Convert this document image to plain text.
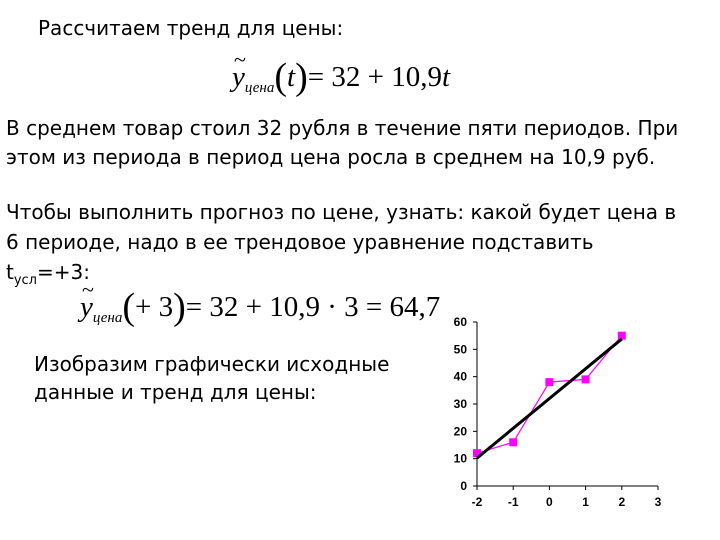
Рассчитаем тренд для цены:
~ $y_{цена}(t)= 32 + 10,9t$
В среднем товар стоил 32 рубля в течение пяти периодов. При
этом из периода в период цена росла в среднем на 10,9 руб.
Чтобы выполнить прогноз по цене, узнать: какой будет цена в
6 периоде, надо в ее трендовое уравнение подставить
$t_{усл}=+3$:
~ $y_{цена}(+ 3)= 32 + 10,9 \cdot 3 = 64,7$
Изобразим графически исходные
данные и тренд для цены:
0
10
20
30
40
50
60
-2 -1 0 1 2 3
